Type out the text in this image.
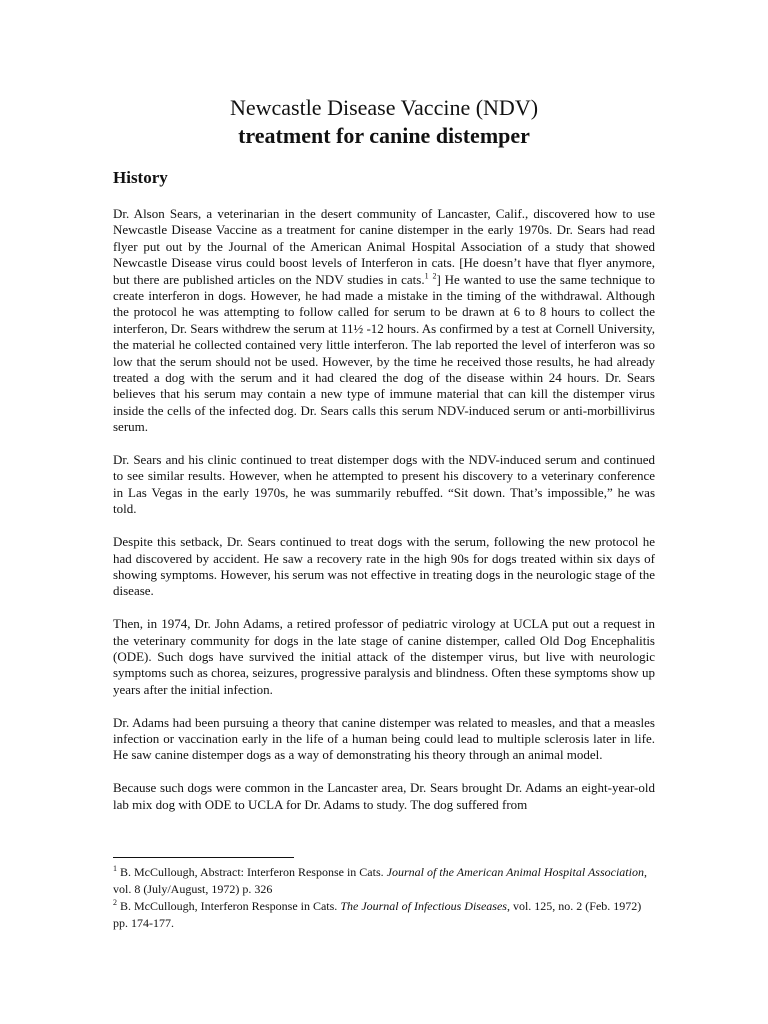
Newcastle Disease Vaccine (NDV)
treatment for canine distemper
History

Dr. Alson Sears, a veterinarian in the desert community of Lancaster, Calif., discovered how to use Newcastle Disease Vaccine as a treatment for canine distemper in the early 1970s. Dr. Sears had read flyer put out by the Journal of the American Animal Hospital Association of a study that showed Newcastle Disease virus could boost levels of Interferon in cats. [He doesn’t have that flyer anymore, but there are published articles on the NDV studies in cats.$^1$ $^2$] He wanted to use the same technique to create interferon in dogs. However, he had made a mistake in the timing of the withdrawal. Although the protocol he was attempting to follow called for serum to be drawn at 6 to 8 hours to collect the interferon, Dr. Sears withdrew the serum at 11½ -12 hours. As confirmed by a test at Cornell University, the material he collected contained very little interferon. The lab reported the level of interferon was so low that the serum should not be used. However, by the time he received those results, he had already treated a dog with the serum and it had cleared the dog of the disease within 24 hours. Dr. Sears believes that his serum may contain a new type of immune material that can kill the distemper virus inside the cells of the infected dog. Dr. Sears calls this serum NDV-induced serum or anti-morbillivirus serum.

Dr. Sears and his clinic continued to treat distemper dogs with the NDV-induced serum and continued to see similar results. However, when he attempted to present his discovery to a veterinary conference in Las Vegas in the early 1970s, he was summarily rebuffed. “Sit down. That’s impossible,” he was told.

Despite this setback, Dr. Sears continued to treat dogs with the serum, following the new protocol he had discovered by accident. He saw a recovery rate in the high 90s for dogs treated within six days of showing symptoms. However, his serum was not effective in treating dogs in the neurologic stage of the disease.

Then, in 1974, Dr. John Adams, a retired professor of pediatric virology at UCLA put out a request in the veterinary community for dogs in the late stage of canine distemper, called Old Dog Encephalitis (ODE). Such dogs have survived the initial attack of the distemper virus, but live with neurologic symptoms such as chorea, seizures, progressive paralysis and blindness. Often these symptoms show up years after the initial infection.

Dr. Adams had been pursuing a theory that canine distemper was related to measles, and that a measles infection or vaccination early in the life of a human being could lead to multiple sclerosis later in life. He saw canine distemper dogs as a way of demonstrating his theory through an animal model.

Because such dogs were common in the Lancaster area, Dr. Sears brought Dr. Adams an eight-year-old lab mix dog with ODE to UCLA for Dr. Adams to study. The dog suffered from

$^1$ B. McCullough, Abstract: Interferon Response in Cats. Journal of the American Animal Hospital Association, vol. 8 (July/August, 1972) p. 326

$^2$ B. McCullough, Interferon Response in Cats. The Journal of Infectious Diseases, vol. 125, no. 2 (Feb. 1972) pp. 174-177.
